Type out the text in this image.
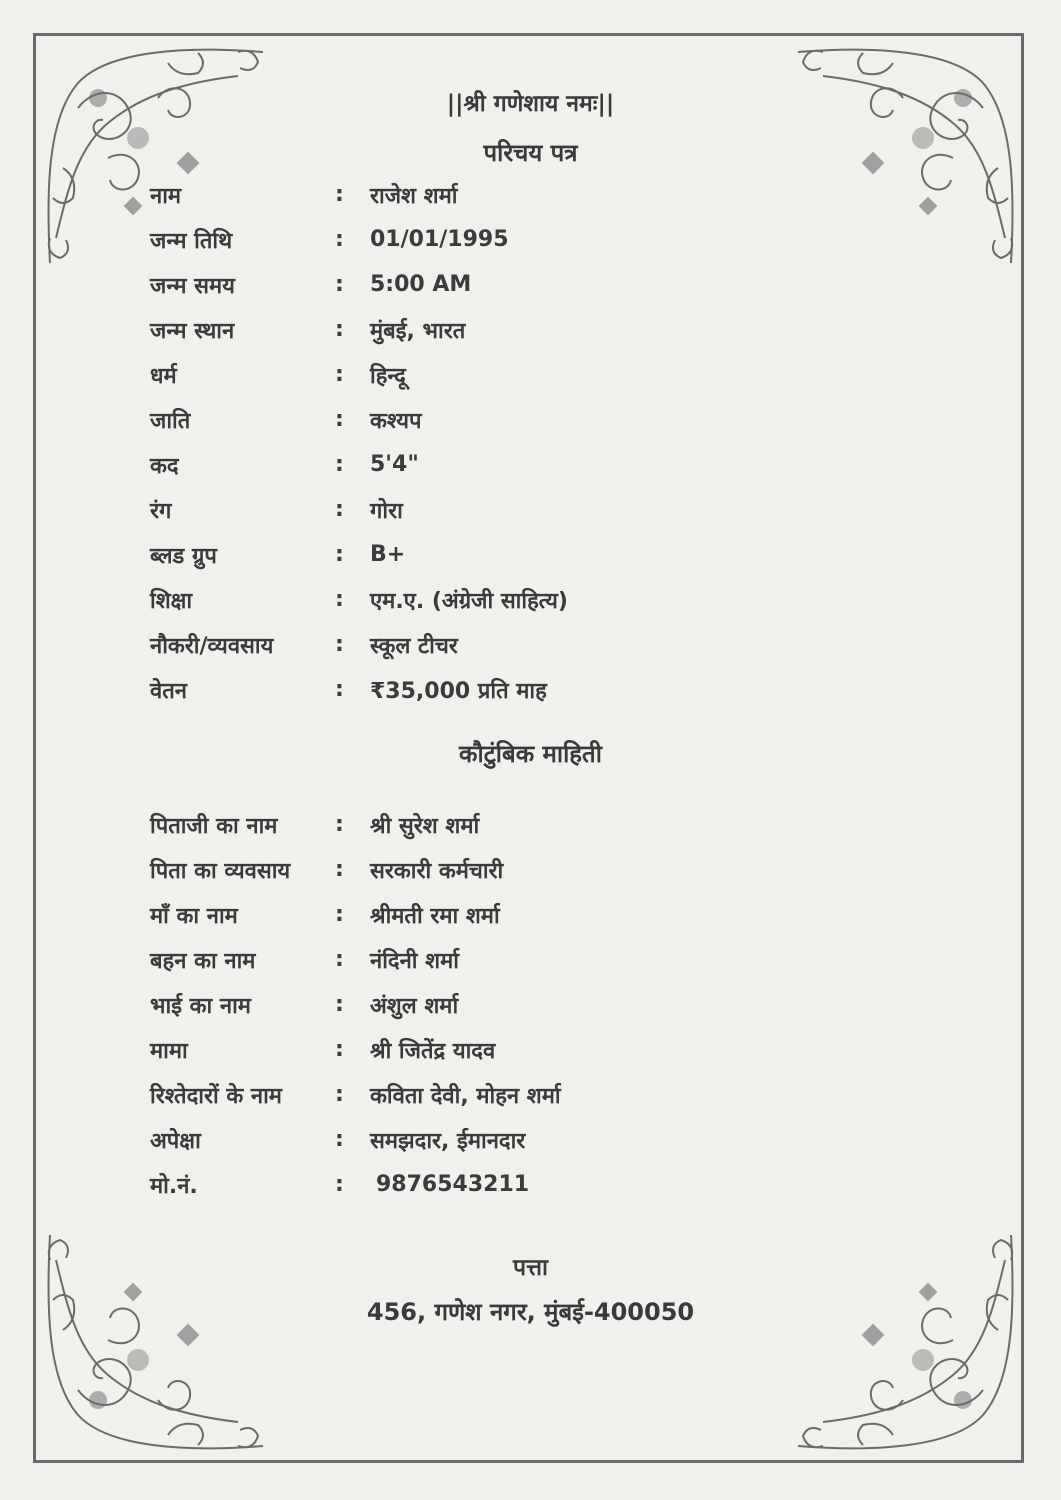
||श्री गणेशाय नमः||
परिचय पत्र
नाम	:	राजेश शर्मा
जन्म तिथि	:	01/01/1995
जन्म समय	:	5:00 AM
जन्म स्थान	:	मुंबई, भारत
धर्म	:	हिन्दू
जाति	:	कश्यप
कद	:	5'4"
रंग	:	गोरा
ब्लड ग्रुप	:	B+
शिक्षा	:	एम.ए. (अंग्रेजी साहित्य)
नौकरी/व्यवसाय	:	स्कूल टीचर
वेतन	:	₹35,000 प्रति माह
कौटुंबिक माहिती
पिताजी का नाम	:	श्री सुरेश शर्मा
पिता का व्यवसाय	:	सरकारी कर्मचारी
माँ का नाम	:	श्रीमती रमा शर्मा
बहन का नाम	:	नंदिनी शर्मा
भाई का नाम	:	अंशुल शर्मा
मामा	:	श्री जितेंद्र यादव
रिश्तेदारों के नाम	:	कविता देवी, मोहन शर्मा
अपेक्षा	:	समझदार, ईमानदार
मो.नं.	:	9876543211
पत्ता
456, गणेश नगर, मुंबई-400050
